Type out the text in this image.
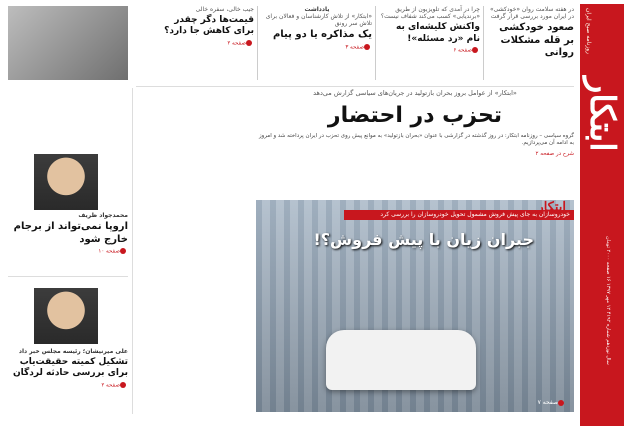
روزنامه صبح ایران
ابتکار
سال نوزدهم شماره ۴۱۹۲ ۱۲ مهر ۱۳۹۷ ۱۶ صفحه ۲۰۰۰ تومان
در هفته سلامت روان «خودکشی» در ایران مورد بررسی قرار گرفت
صعود خودکشی بر قله مشکلات روانی
چرا در آمدی که تلویزیون از طریق «برندیابی» کسب می‌کند شفاف نیست؟
واکنش کلیشه‌ای به نام «رد مسئله»!
صفحه ۶
یادداشت
«ابتکار» از تلاش کارشناسان و فعالان برای تلاش سر رونق
یک مذاکره یا دو پیام
صفحه ۳
جیب خالی، سفره خالی
قیمت‌ها دگر چقدر برای کاهش جا دارد؟
صفحه ۲
«ابتکار» از عوامل بروز بحران بازتولید در جریان‌های سیاسی گزارش می‌دهد
تحزب در احتضار
گروه سیاسی – روزنامه ابتکار: در روز گذشته در گزارشی با عنوان «بحران بازتولید» به موانع پیش روی تحزب در ایران پرداخته شد و امروز به ادامه آن می‌پردازیم.
شرح در صفحه ۲
خودروسازان به جای پیش فروش مشمول تحویل خودروسازان را بررسی کرد
ابتکار
جبران زیان با پیش فروش؟!
صفحه ۷
محمدجواد ظریف
اروپا نمی‌تواند از برجام خارج شود
صفحه ۱۰
علی میرنیشان؛ رئیسه مجلس خبر داد
تشکیل کمیته حقیقت‌یاب برای بررسی حادثه لردگان
صفحه ۲
